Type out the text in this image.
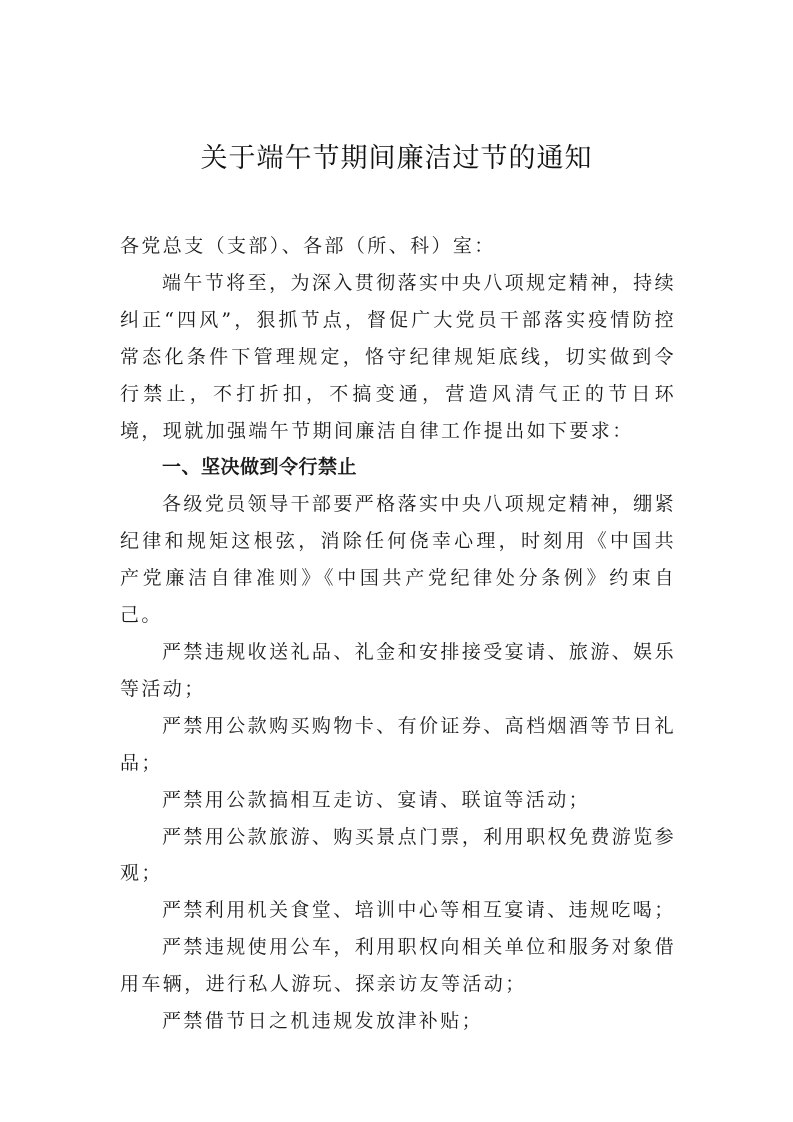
关于端午节期间廉洁过节的通知

各党总支（支部）、各部（所、科）室：

端午节将至，为深入贯彻落实中央八项规定精神，持续纠正“四风”，狠抓节点，督促广大党员干部落实疫情防控常态化条件下管理规定，恪守纪律规矩底线，切实做到令行禁止，不打折扣，不搞变通，营造风清气正的节日环境，现就加强端午节期间廉洁自律工作提出如下要求：

一、坚决做到令行禁止

各级党员领导干部要严格落实中央八项规定精神，绷紧纪律和规矩这根弦，消除任何侥幸心理，时刻用《中国共产党廉洁自律准则》《中国共产党纪律处分条例》约束自己。

严禁违规收送礼品、礼金和安排接受宴请、旅游、娱乐等活动；

严禁用公款购买购物卡、有价证券、高档烟酒等节日礼品；

严禁用公款搞相互走访、宴请、联谊等活动；

严禁用公款旅游、购买景点门票，利用职权免费游览参观；

严禁利用机关食堂、培训中心等相互宴请、违规吃喝；

严禁违规使用公车，利用职权向相关单位和服务对象借用车辆，进行私人游玩、探亲访友等活动；

严禁借节日之机违规发放津补贴；
